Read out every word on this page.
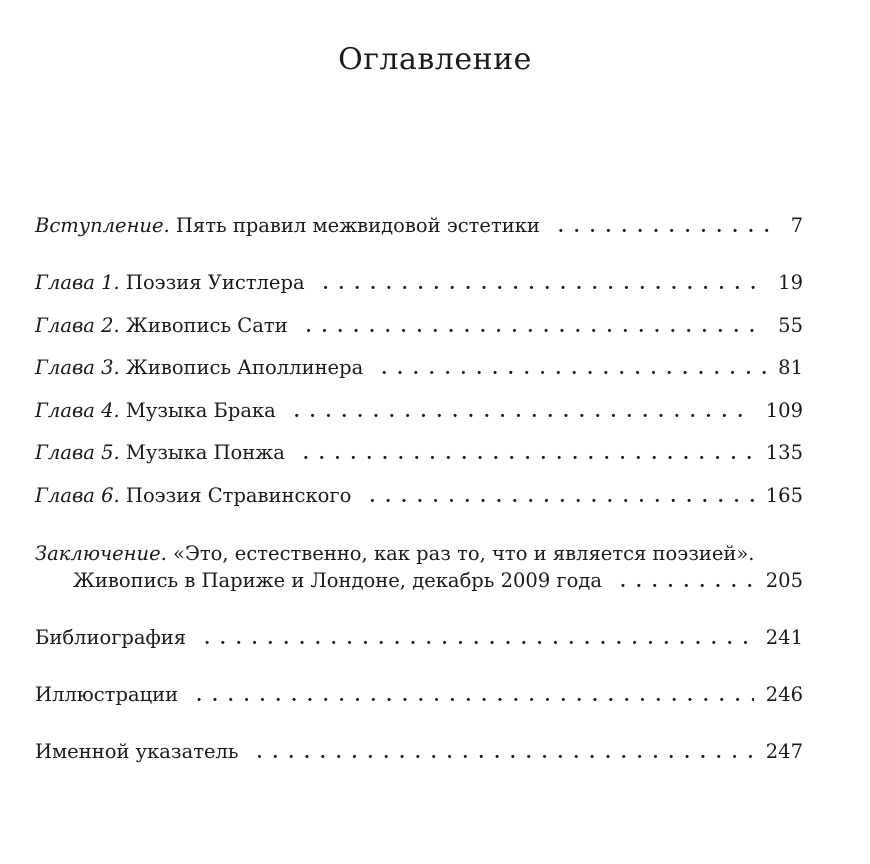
Оглавление
Вступление. Пять правил межвидовой эстетики . . .	7
Глава 1. Поэзия Уистлера . . .	19
Глава 2. Живопись Сати . . .	55
Глава 3. Живопись Аполлинера . . .	81
Глава 4. Музыка Брака . . .	109
Глава 5. Музыка Понжа . . .	135
Глава 6. Поэзия Стравинского . . .	165
Заключение. «Это, естественно, как раз то, что и является поэзией».
Живопись в Париже и Лондоне, декабрь 2009 года . . .	205
Библиография . . .	241
Иллюстрации . . .	246
Именной указатель . . .	247
